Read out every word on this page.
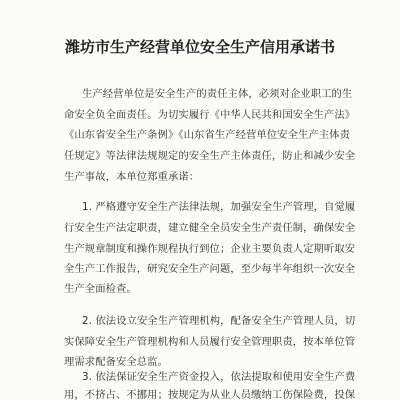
潍坊市生产经营单位安全生产信用承诺书
生产经营单位是安全生产的责任主体，必须对企业职工的生
命安全负全面责任。为切实履行《中华人民共和国安全生产法》
《山东省安全生产条例》《山东省生产经营单位安全生产主体责
任规定》等法律法规规定的安全生产主体责任，防止和减少安全
生产事故，本单位郑重承诺：
1. 严格遵守安全生产法律法规，加强安全生产管理，自觉履
行安全生产法定职责，建立健全全员安全生产责任制，确保安全
生产规章制度和操作规程执行到位；企业主要负责人定期听取安
全生产工作报告，研究安全生产问题，至少每半年组织一次安全
生产全面检查。
2. 依法设立安全生产管理机构，配备安全生产管理人员，切
实保障安全生产管理机构和人员履行安全管理职责，按本单位管
理需求配备安全总监。
3. 依法保证安全生产资金投入，依法提取和使用安全生产费
用，不挤占、不挪用；按规定为从业人员缴纳工伤保险费，投保
